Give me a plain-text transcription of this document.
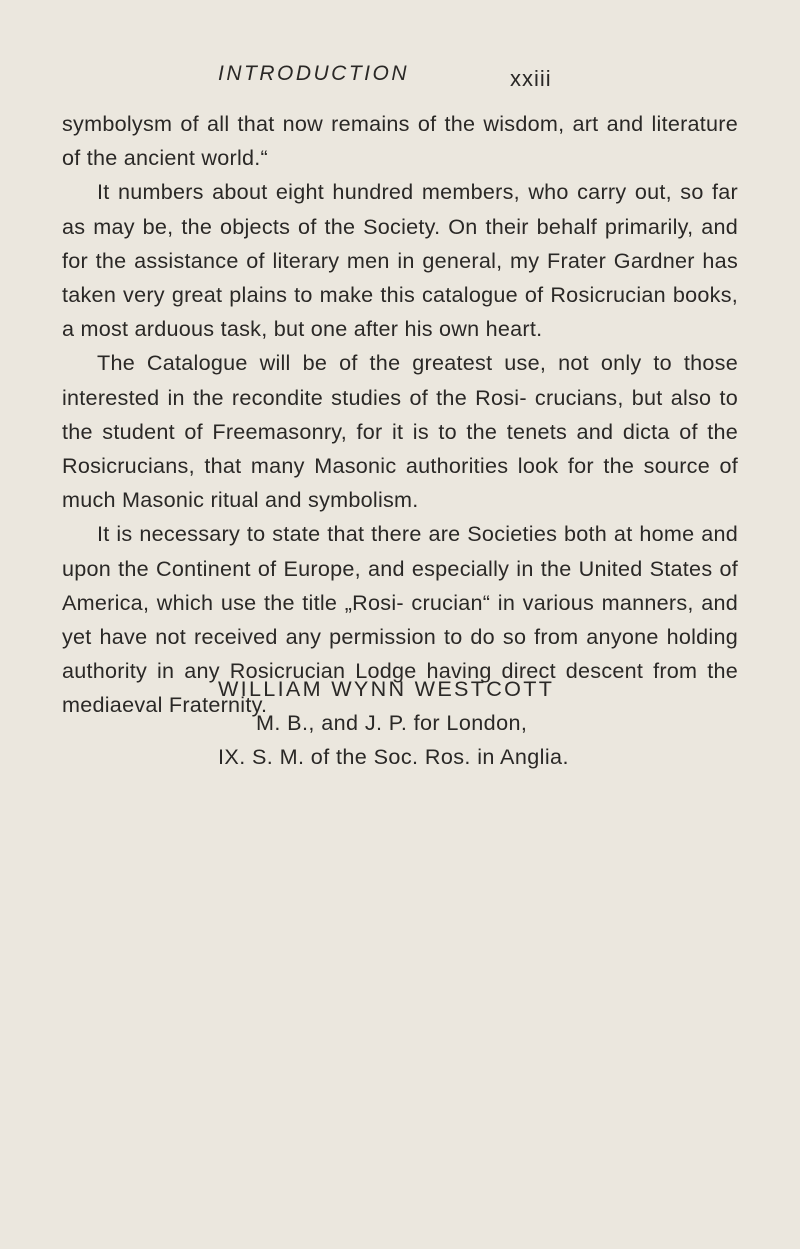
INTRODUCTION	xxiii

symbolysm of all that now remains of the wisdom, art and literature of the ancient world.“

It numbers about eight hundred members, who carry out, so far as may be, the objects of the Society. On their behalf primarily, and for the assistance of literary men in general, my Frater Gardner has taken very great plains to make this catalogue of Rosicrucian books, a most arduous task, but one after his own heart.

The Catalogue will be of the greatest use, not only to those interested in the recondite studies of the Rosi- crucians, but also to the student of Freemasonry, for it is to the tenets and dicta of the Rosicrucians, that many Masonic authorities look for the source of much Masonic ritual and symbolism.

It is necessary to state that there are Societies both at home and upon the Continent of Europe, and especially in the United States of America, which use the title „Rosi- crucian“ in various manners, and yet have not received any permission to do so from anyone holding authority in any Rosicrucian Lodge having direct descent from the mediaeval Fraternity.

WILLIAM WYNN WESTCOTT
M. B., and J. P. for London,
IX. S. M. of the Soc. Ros. in Anglia.
